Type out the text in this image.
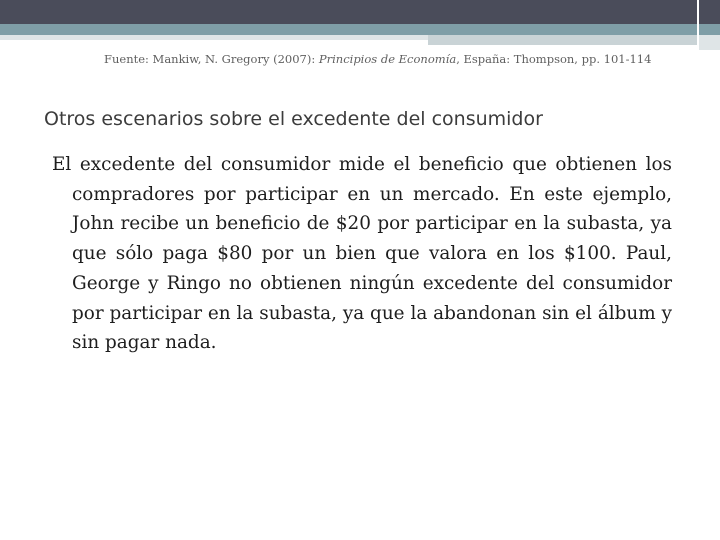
Fuente: Mankiw, N. Gregory (2007): Principios de Economía, España: Thompson, pp. 101-114
Otros escenarios sobre el excedente del consumidor
El excedente del consumidor mide el beneficio que obtienen los compradores por participar en un mercado. En este ejemplo, John recibe un beneficio de $20 por participar en la subasta, ya que sólo paga $80 por un bien que valora en los $100. Paul, George y Ringo no obtienen ningún excedente del consumidor por participar en la subasta, ya que la abandonan sin el álbum y sin pagar nada.
